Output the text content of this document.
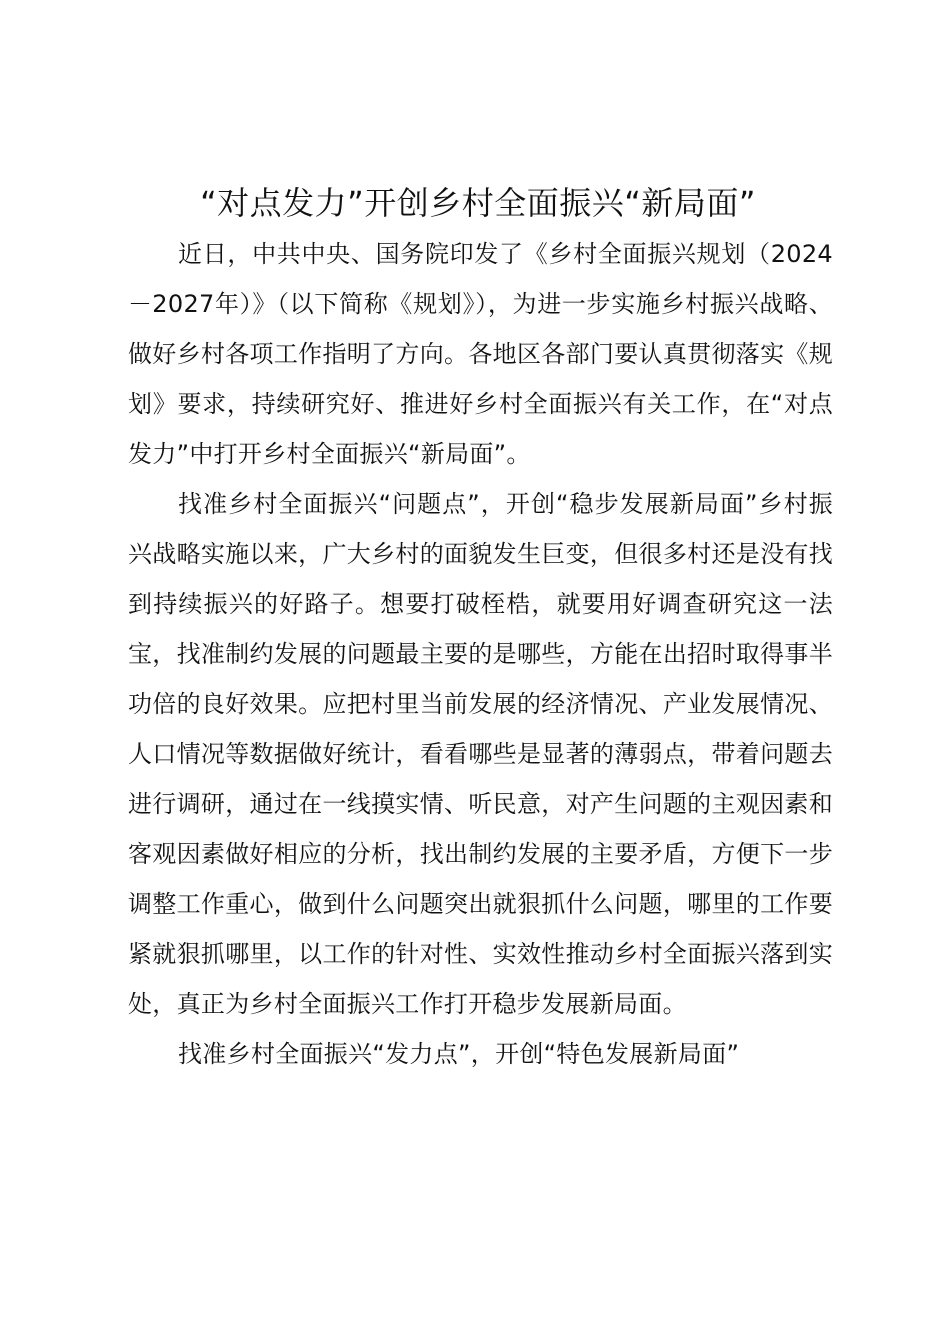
“对点发力”开创乡村全面振兴“新局面”

近日，中共中央、国务院印发了《乡村全面振兴规划（2024－2027年）》（以下简称《规划》），为进一步实施乡村振兴战略、做好乡村各项工作指明了方向。各地区各部门要认真贯彻落实《规划》要求，持续研究好、推进好乡村全面振兴有关工作，在“对点发力”中打开乡村全面振兴“新局面”。

找准乡村全面振兴“问题点”，开创“稳步发展新局面”乡村振兴战略实施以来，广大乡村的面貌发生巨变，但很多村还是没有找到持续振兴的好路子。想要打破桎梏，就要用好调查研究这一法宝，找准制约发展的问题最主要的是哪些，方能在出招时取得事半功倍的良好效果。应把村里当前发展的经济情况、产业发展情况、人口情况等数据做好统计，看看哪些是显著的薄弱点，带着问题去进行调研，通过在一线摸实情、听民意，对产生问题的主观因素和客观因素做好相应的分析，找出制约发展的主要矛盾，方便下一步调整工作重心，做到什么问题突出就狠抓什么问题，哪里的工作要紧就狠抓哪里，以工作的针对性、实效性推动乡村全面振兴落到实处，真正为乡村全面振兴工作打开稳步发展新局面。

找准乡村全面振兴“发力点”，开创“特色发展新局面”
